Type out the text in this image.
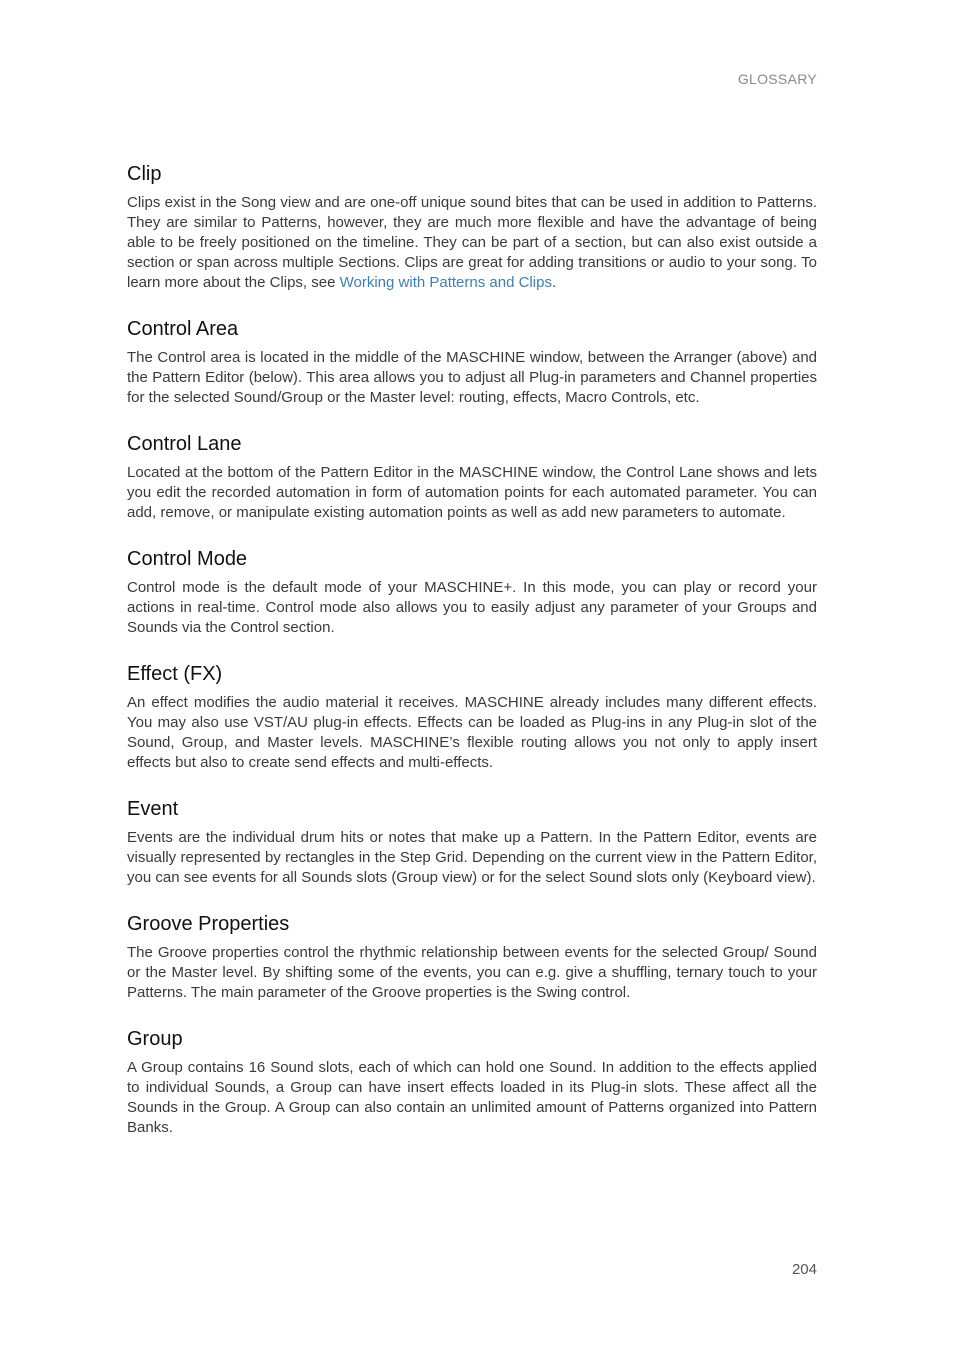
GLOSSARY
Clip

Clips exist in the Song view and are one-off unique sound bites that can be used in addition to Patterns. They are similar to Patterns, however, they are much more flexible and have the advantage of being able to be freely positioned on the timeline. They can be part of a section, but can also exist outside a section or span across multiple Sections. Clips are great for adding transitions or audio to your song. To learn more about the Clips, see Working with Patterns and Clips.

Control Area

The Control area is located in the middle of the MASCHINE window, between the Arranger (above) and the Pattern Editor (below). This area allows you to adjust all Plug-in parameters and Channel properties for the selected Sound/Group or the Master level: routing, effects, Macro Controls, etc.

Control Lane

Located at the bottom of the Pattern Editor in the MASCHINE window, the Control Lane shows and lets you edit the recorded automation in form of automation points for each automated parameter. You can add, remove, or manipulate existing automation points as well as add new parameters to automate.

Control Mode

Control mode is the default mode of your MASCHINE+. In this mode, you can play or record your actions in real-time. Control mode also allows you to easily adjust any parameter of your Groups and Sounds via the Control section.

Effect (FX)

An effect modifies the audio material it receives. MASCHINE already includes many different effects. You may also use VST/AU plug-in effects. Effects can be loaded as Plug-ins in any Plug-in slot of the Sound, Group, and Master levels. MASCHINE’s flexible routing allows you not only to apply insert effects but also to create send effects and multi-effects.

Event

Events are the individual drum hits or notes that make up a Pattern. In the Pattern Editor, events are visually represented by rectangles in the Step Grid. Depending on the current view in the Pattern Editor, you can see events for all Sounds slots (Group view) or for the select Sound slots only (Keyboard view).

Groove Properties

The Groove properties control the rhythmic relationship between events for the selected Group/ Sound or the Master level. By shifting some of the events, you can e.g. give a shuffling, ternary touch to your Patterns. The main parameter of the Groove properties is the Swing control.

Group

A Group contains 16 Sound slots, each of which can hold one Sound. In addition to the effects applied to individual Sounds, a Group can have insert effects loaded in its Plug-in slots. These affect all the Sounds in the Group. A Group can also contain an unlimited amount of Patterns organized into Pattern Banks.

204
